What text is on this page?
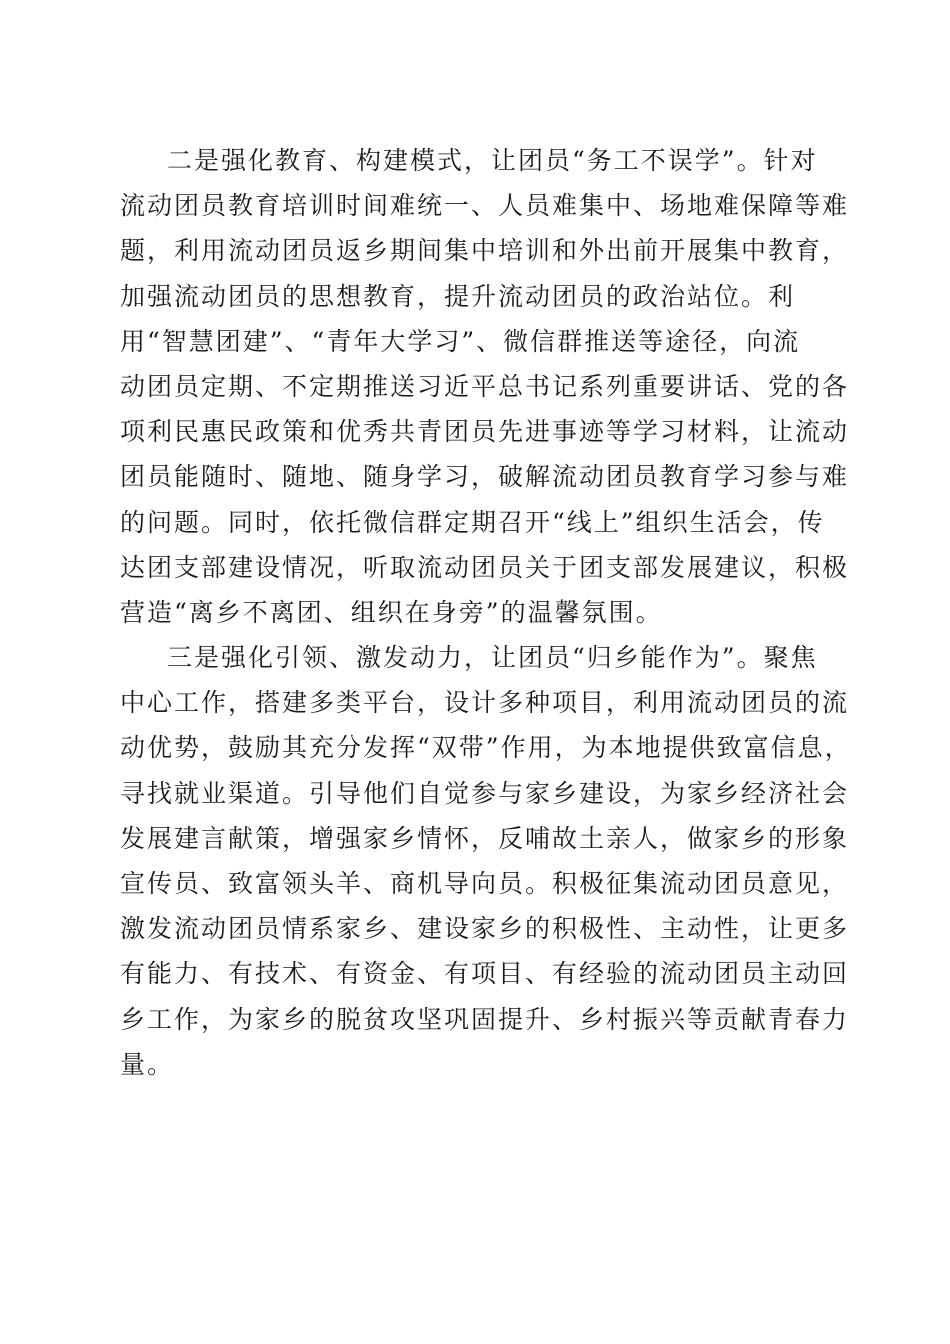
二是强化教育、构建模式，让团员“务工不误学”。针对
流动团员教育培训时间难统一、人员难集中、场地难保障等难
题，利用流动团员返乡期间集中培训和外出前开展集中教育，
加强流动团员的思想教育，提升流动团员的政治站位。利
用“智慧团建”、“青年大学习”、微信群推送等途径，向流
动团员定期、不定期推送习近平总书记系列重要讲话、党的各
项利民惠民政策和优秀共青团员先进事迹等学习材料，让流动
团员能随时、随地、随身学习，破解流动团员教育学习参与难
的问题。同时，依托微信群定期召开“线上”组织生活会，传
达团支部建设情况，听取流动团员关于团支部发展建议，积极
营造“离乡不离团、组织在身旁”的温馨氛围。
三是强化引领、激发动力，让团员“归乡能作为”。聚焦
中心工作，搭建多类平台，设计多种项目，利用流动团员的流
动优势，鼓励其充分发挥“双带”作用，为本地提供致富信息，
寻找就业渠道。引导他们自觉参与家乡建设，为家乡经济社会
发展建言献策，增强家乡情怀，反哺故土亲人，做家乡的形象
宣传员、致富领头羊、商机导向员。积极征集流动团员意见，
激发流动团员情系家乡、建设家乡的积极性、主动性，让更多
有能力、有技术、有资金、有项目、有经验的流动团员主动回
乡工作，为家乡的脱贫攻坚巩固提升、乡村振兴等贡献青春力
量。
